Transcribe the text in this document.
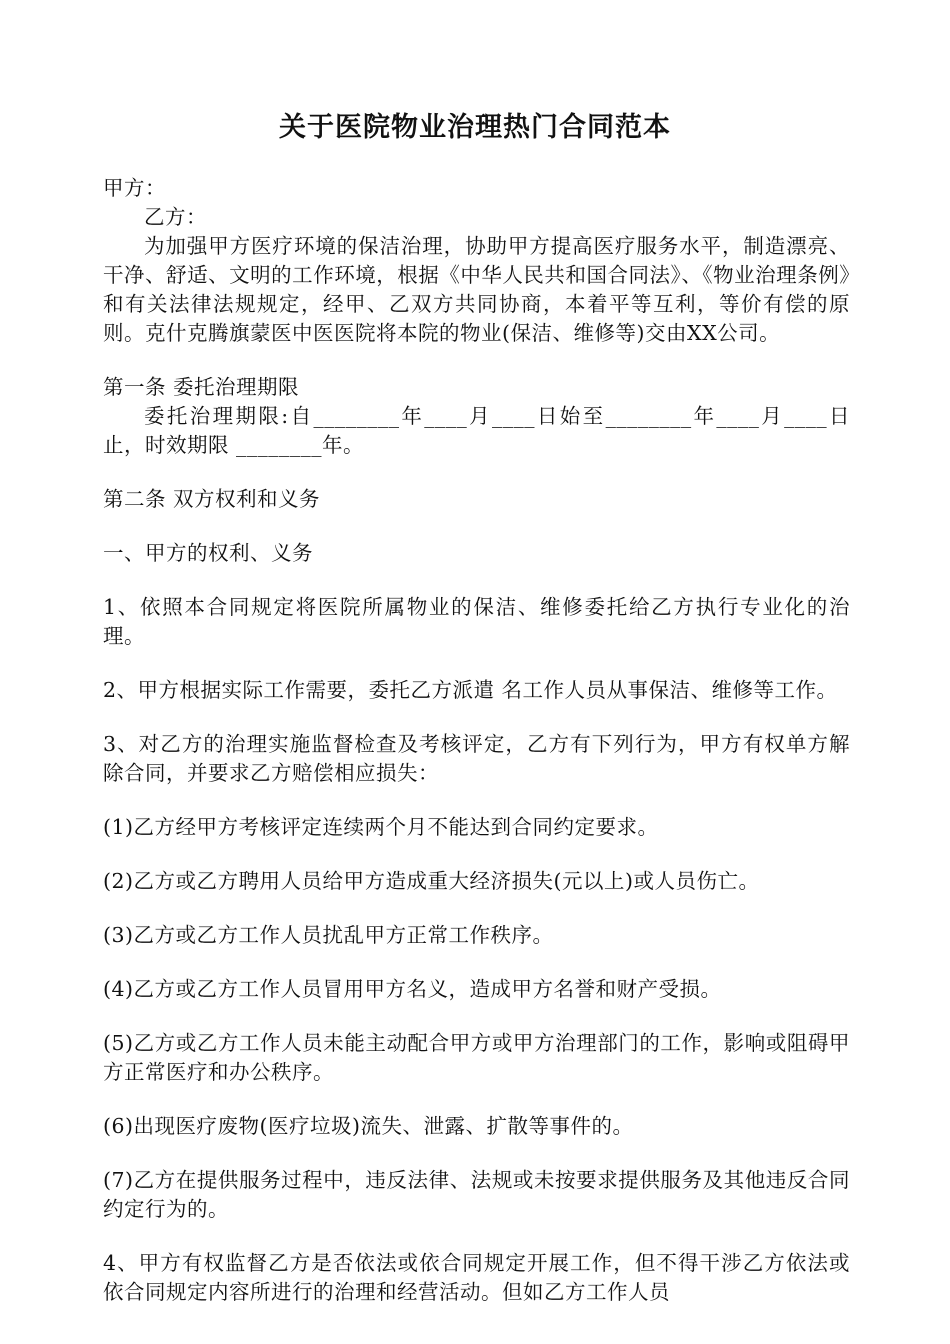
关于医院物业治理热门合同范本

甲方：

乙方：

为加强甲方医疗环境的保洁治理，协助甲方提高医疗服务水平，制造漂亮、干净、舒适、文明的工作环境，根据《中华人民共和国合同法》、《物业治理条例》和有关法律法规规定，经甲、乙双方共同协商，本着平等互利，等价有偿的原则。克什克腾旗蒙医中医医院将本院的物业(保洁、维修等)交由XX公司。

第一条 委托治理期限

委托治理期限:自________年____月____日始至________年____月____日止，时效期限 ________年。

第二条 双方权利和义务

一、甲方的权利、义务

1、依照本合同规定将医院所属物业的保洁、维修委托给乙方执行专业化的治理。

2、甲方根据实际工作需要，委托乙方派遣 名工作人员从事保洁、维修等工作。

3、对乙方的治理实施监督检查及考核评定，乙方有下列行为，甲方有权单方解除合同，并要求乙方赔偿相应损失：

(1)乙方经甲方考核评定连续两个月不能达到合同约定要求。

(2)乙方或乙方聘用人员给甲方造成重大经济损失(元以上)或人员伤亡。

(3)乙方或乙方工作人员扰乱甲方正常工作秩序。

(4)乙方或乙方工作人员冒用甲方名义，造成甲方名誉和财产受损。

(5)乙方或乙方工作人员未能主动配合甲方或甲方治理部门的工作，影响或阻碍甲方正常医疗和办公秩序。

(6)出现医疗废物(医疗垃圾)流失、泄露、扩散等事件的。

(7)乙方在提供服务过程中，违反法律、法规或未按要求提供服务及其他违反合同约定行为的。

4、甲方有权监督乙方是否依法或依合同规定开展工作，但不得干涉乙方依法或依合同规定内容所进行的治理和经营活动。但如乙方工作人员
